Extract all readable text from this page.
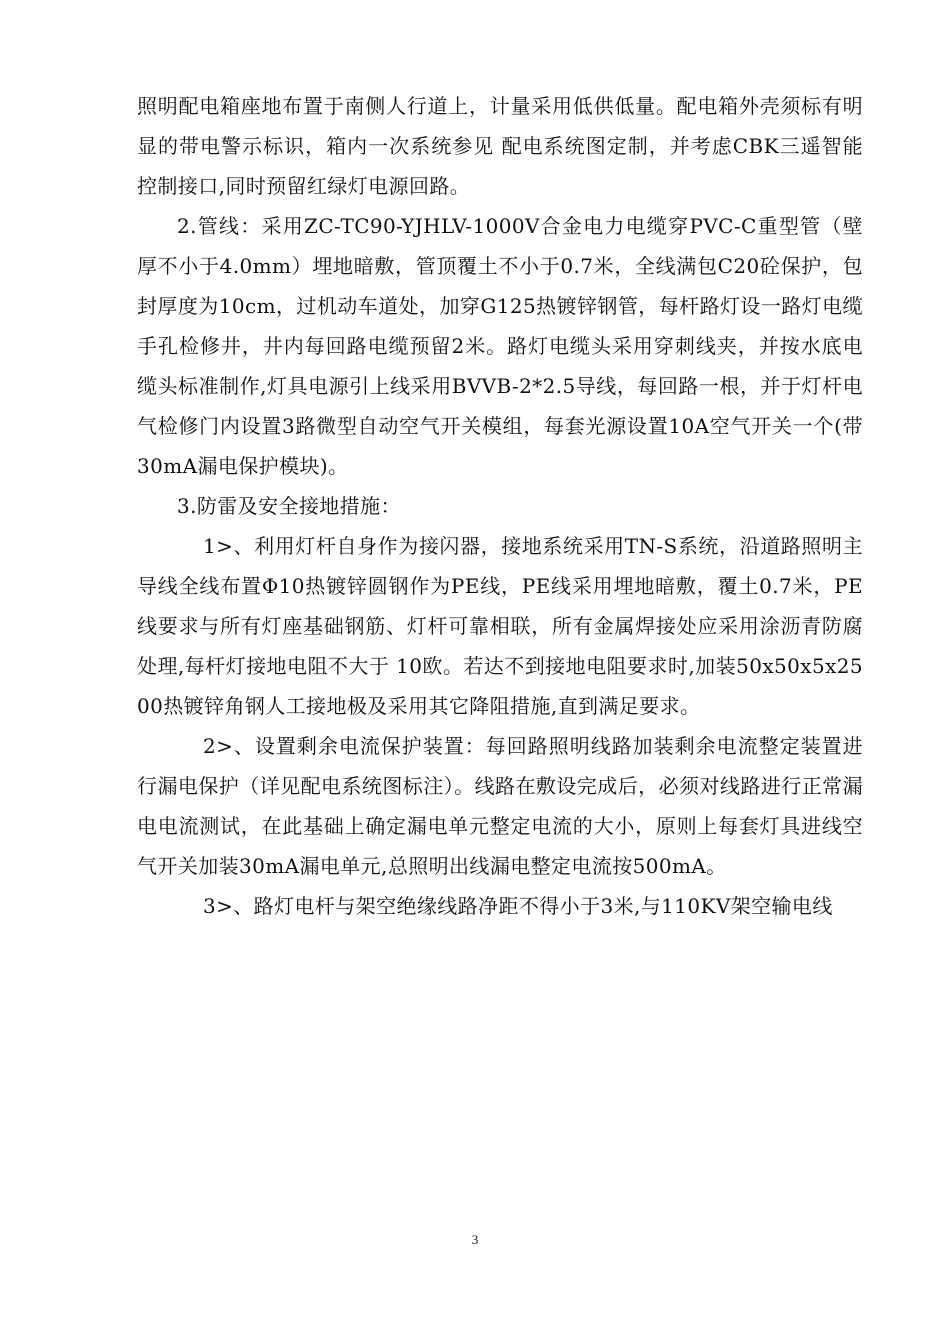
照明配电箱座地布置于南侧人行道上，计量采用低供低量。配电箱外壳须标有明显的带电警示标识，箱内一次系统参见 配电系统图定制，并考虑CBK三遥智能控制接口,同时预留红绿灯电源回路。

2.管线：采用ZC-TC90-YJHLV-1000V合金电力电缆穿PVC-C重型管（壁厚不小于4.0mm）埋地暗敷，管顶覆土不小于0.7米，全线满包C20砼保护，包封厚度为10cm，过机动车道处，加穿G125热镀锌钢管，每杆路灯设一路灯电缆手孔检修井，井内每回路电缆预留2米。路灯电缆头采用穿刺线夹，并按水底电缆头标准制作,灯具电源引上线采用BVVB-2*2.5导线，每回路一根，并于灯杆电气检修门内设置3路微型自动空气开关模组，每套光源设置10A空气开关一个(带30mA漏电保护模块)。

3.防雷及安全接地措施：

1>、利用灯杆自身作为接闪器，接地系统采用TN-S系统，沿道路照明主导线全线布置Φ10热镀锌圆钢作为PE线，PE线采用埋地暗敷，覆土0.7米，PE线要求与所有灯座基础钢筋、灯杆可靠相联，所有金属焊接处应采用涂沥青防腐处理,每杆灯接地电阻不大于 10欧。若达不到接地电阻要求时,加装50x50x5x2500热镀锌角钢人工接地极及采用其它降阻措施,直到满足要求。

2>、设置剩余电流保护装置：每回路照明线路加装剩余电流整定装置进行漏电保护（详见配电系统图标注）。线路在敷设完成后，必须对线路进行正常漏电电流测试，在此基础上确定漏电单元整定电流的大小，原则上每套灯具进线空气开关加装30mA漏电单元,总照明出线漏电整定电流按500mA。

3>、路灯电杆与架空绝缘线路净距不得小于3米,与110KV架空输电线

3
